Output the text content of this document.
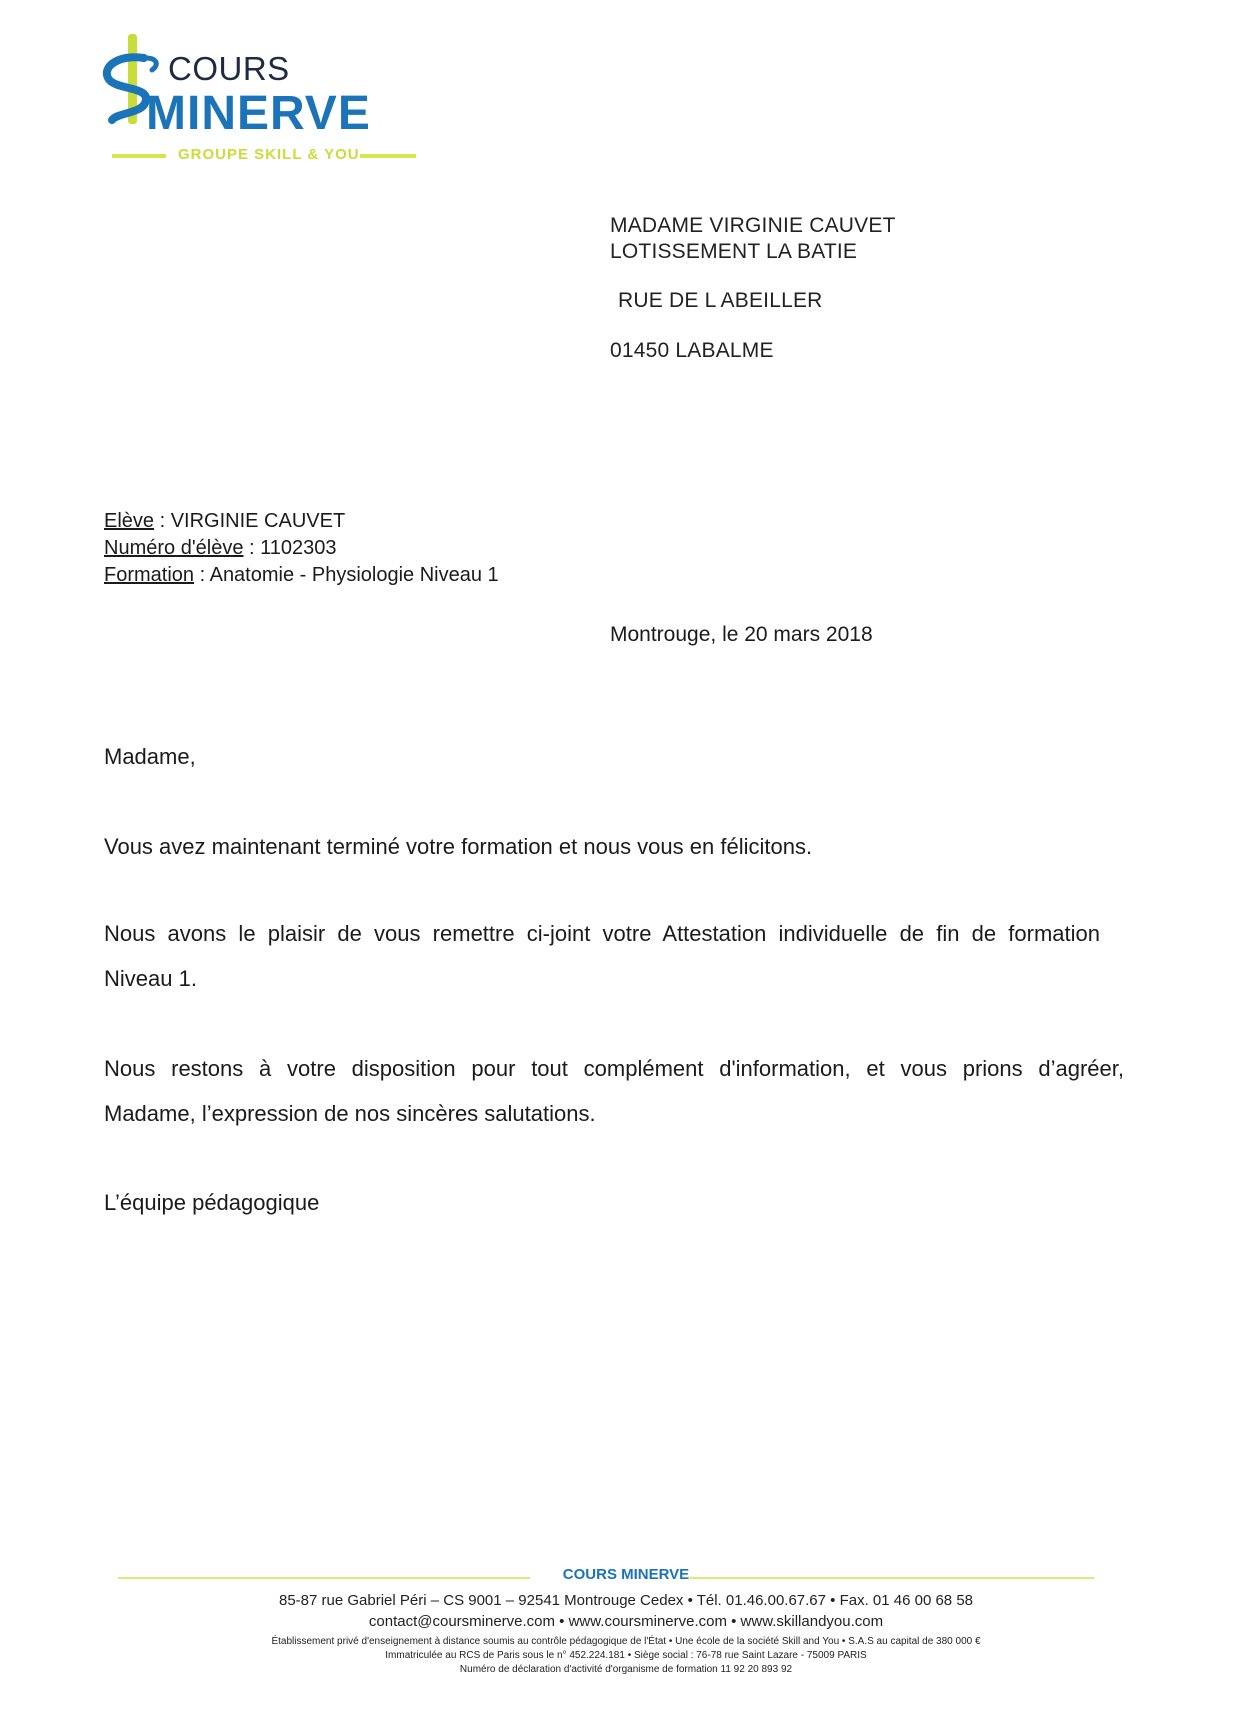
COURS
MINERVE
GROUPE SKILL & YOU
MADAME VIRGINIE CAUVET
LOTISSEMENT LA BATIE
RUE DE L ABEILLER
01450 LABALME
Elève : VIRGINIE CAUVET
Numéro d'élève : 1102303
Formation : Anatomie - Physiologie Niveau 1
Montrouge, le 20 mars 2018
Madame,
Vous avez maintenant terminé votre formation et nous vous en félicitons.
Nous avons le plaisir de vous remettre ci-joint votre Attestation individuelle de fin de formation
Niveau 1.
Nous restons à votre disposition pour tout complément d'information, et vous prions d’agréer,
Madame, l’expression de nos sincères salutations.
L’équipe pédagogique
COURS MINERVE
85-87 rue Gabriel Péri – CS 9001 – 92541 Montrouge Cedex • Tél. 01.46.00.67.67 • Fax. 01 46 00 68 58
contact@coursminerve.com • www.coursminerve.com • www.skillandyou.com
Établissement privé d'enseignement à distance soumis au contrôle pédagogique de l'État • Une école de la société Skill and You • S.A.S au capital de 380 000 €
Immatriculée au RCS de Paris sous le n° 452.224.181 • Siège social : 76-78 rue Saint Lazare - 75009 PARIS
Numéro de déclaration d'activité d'organisme de formation 11 92 20 893 92
